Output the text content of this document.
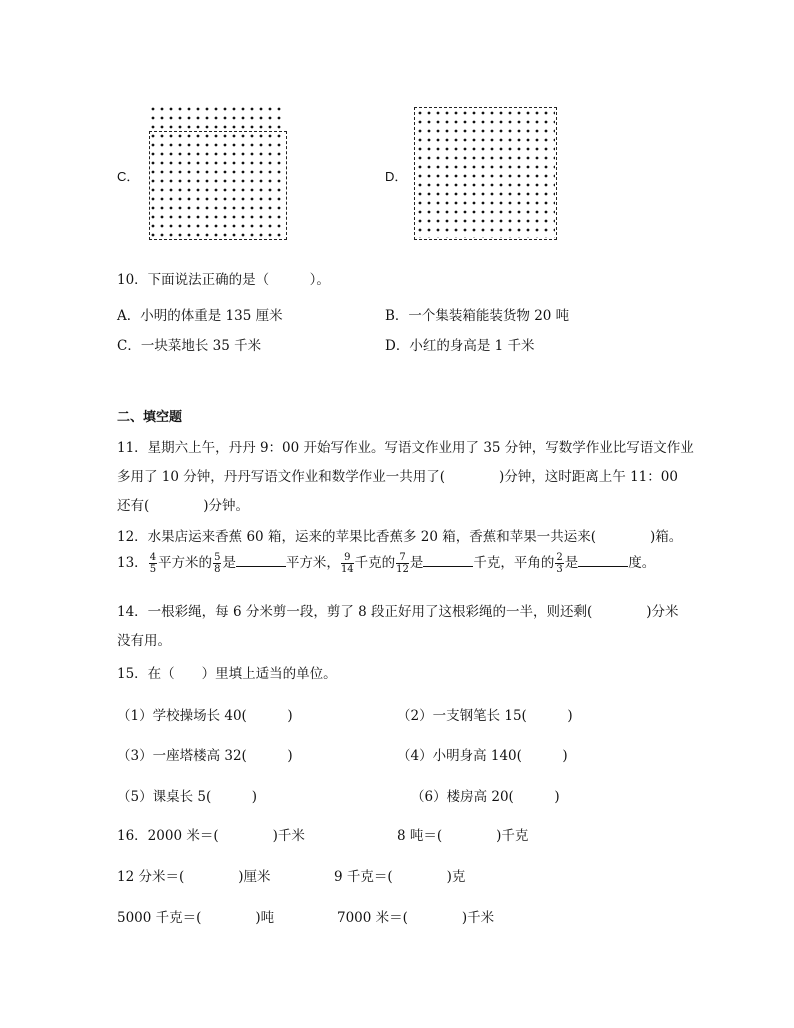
C．	D．
10．下面说法正确的是（　　　）。
A．小明的体重是 135 厘米	B．一个集装箱能装货物 20 吨
C．一块菜地长 35 千米	D．小红的身高是 1 千米
二、填空题
11．星期六上午，丹丹 9：00 开始写作业。写语文作业用了 35 分钟，写数学作业比写语文作业
多用了 10 分钟，丹丹写语文作业和数学作业一共用了(　　　　)分钟，这时距离上午 11：00
还有(　　　　)分钟。
12．水果店运来香蕉 60 箱，运来的苹果比香蕉多 20 箱，香蕉和苹果一共运来(　　　　)箱。
13． $\frac{4}{5}$ 平方米的 $\frac{5}{8}$ 是	平方米， $\frac{9}{14}$ 千克的 $\frac{7}{12}$ 是	千克，平角的 $\frac{2}{3}$ 是	度。
14．一根彩绳，每 6 分米剪一段，剪了 8 段正好用了这根彩绳的一半，则还剩(　　　　)分米
没有用。
15．在（　　）里填上适当的单位。
（1）学校操场长 40(　　　)	（2）一支钢笔长 15(　　　)
（3）一座塔楼高 32(　　　)	（4）小明身高 140(　　　)
（5）课桌长 5(　　　)	（6）楼房高 20(　　　)
16．2000 米＝(　　　　)千米	8 吨＝(　　　　)千克
12 分米＝(　　　　)厘米	9 千克＝(　　　　)克
5000 千克＝(　　　　)吨	7000 米＝(　　　　)千米
